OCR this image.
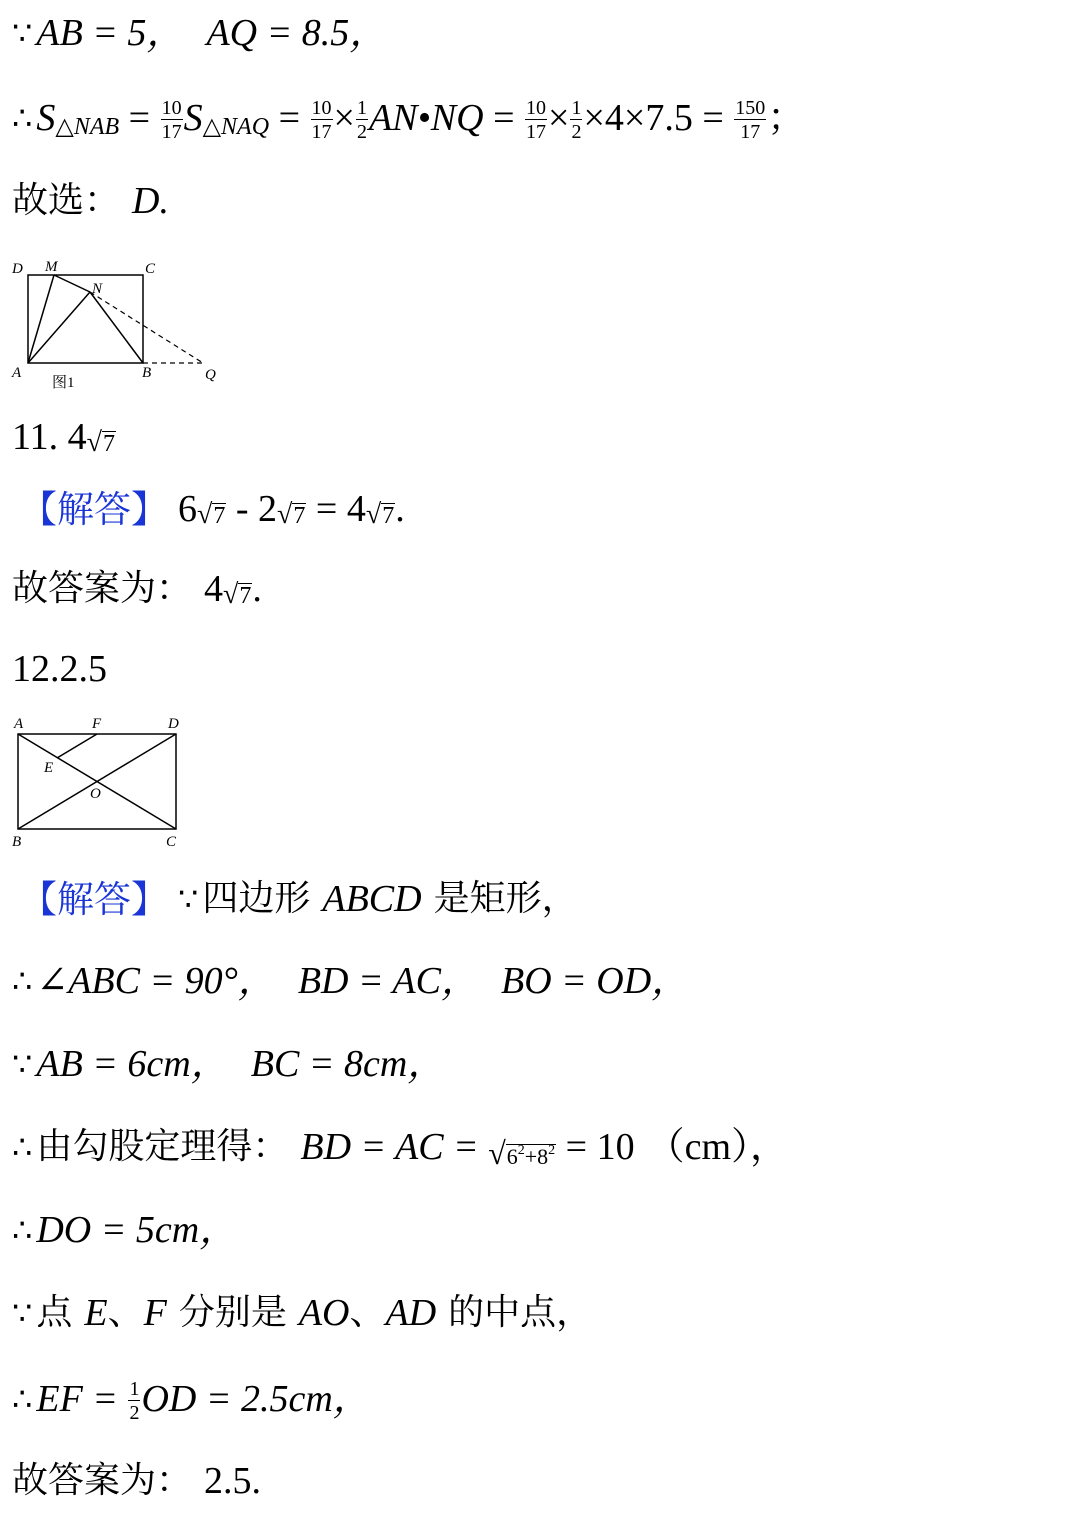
∵ AB = 5， AQ = 8.5，
∴ S △NAB = $\frac{10}{17}$ S △NAQ = $\frac{10}{17} \times \frac{1}{2}$ AN•NQ = $\frac{10}{17} \times \frac{1}{2} \times 4\times 7.5 = \frac{150}{17}$ ；
故选： D.
D M	C
N
A	B	Q
图1
11. 4 √ 7
【解答】 6 √ 7 - 2 √ 7 = 4 √ 7 .
故答案为： 4 √ 7 .
12.2.5
A	F	D
E
O
B	C
【解答】 ∵ 四边形 ABCD 是矩形，
∴ ∠ABC = 90°， BD = AC， BO = OD，
∵ AB = 6cm， BC = 8cm，
∴ 由勾股定理得： BD = AC = √ $6^2+8^2 = 10$ （cm），
∴ DO = 5cm，
∵ 点 E 、 F 分别是 AO 、 AD 的中点，
∴ EF = $\frac{1}{2}$ OD = 2.5cm，
故答案为： 2.5.
